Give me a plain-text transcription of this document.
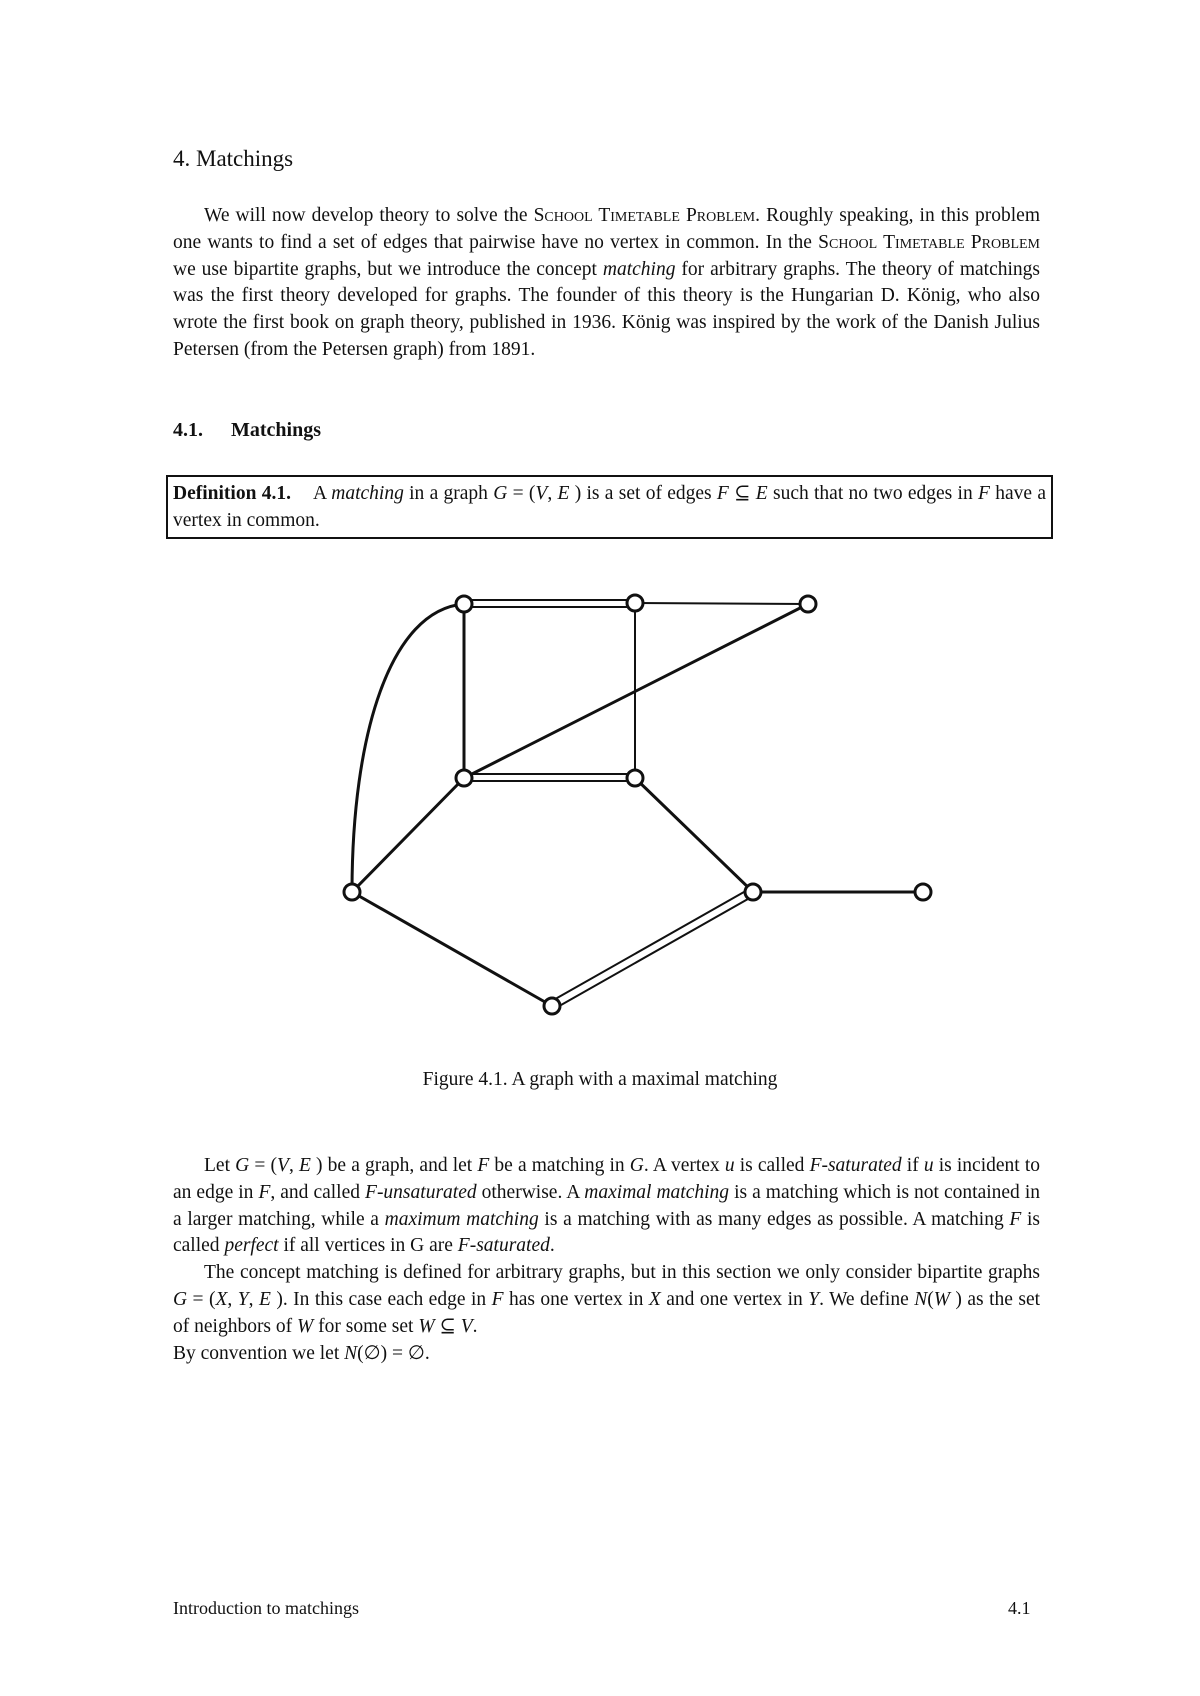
4. Matchings

We will now develop theory to solve the School Timetable Problem. Roughly speaking, in this problem one wants to find a set of edges that pairwise have no vertex in common. In the School Timetable Problem we use bipartite graphs, but we introduce the concept matching for arbitrary graphs. The theory of matchings was the first theory developed for graphs. The founder of this theory is the Hungarian D. König, who also wrote the first book on graph theory, published in 1936. König was inspired by the work of the Danish Julius Petersen (from the Petersen graph) from 1891.

4.1. Matchings
Definition 4.1. A matching in a graph G = (V, E ) is a set of edges F ⊆ E such that no two edges in F have a vertex in common.
Figure 4.1. A graph with a maximal matching

Let G = (V, E ) be a graph, and let F be a matching in G. A vertex u is called F-saturated if u is incident to an edge in F, and called F-unsaturated otherwise. A maximal matching is a matching which is not contained in a larger matching, while a maximum matching is a matching with as many edges as possible. A matching F is called perfect if all vertices in G are F-saturated.

The concept matching is defined for arbitrary graphs, but in this section we only consider bipartite graphs G = (X, Y, E ). In this case each edge in F has one vertex in X and one vertex in Y. We define N(W ) as the set of neighbors of W for some set W ⊆ V.

By convention we let N(∅) = ∅.

Introduction to matchings	4.1
